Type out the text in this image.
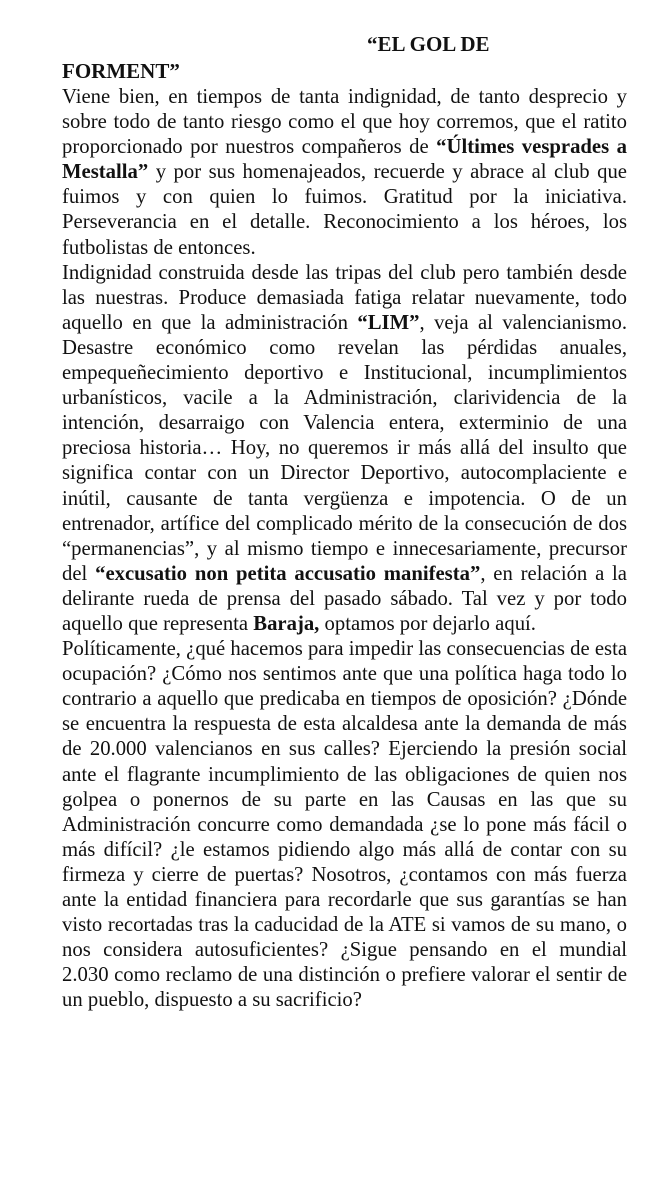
“EL GOL DE
FORMENT”

Viene bien, en tiempos de tanta indignidad, de tanto desprecio y sobre todo de tanto riesgo como el que hoy corremos, que el ratito proporcionado por nuestros compañeros de “Últimes vesprades a Mestalla” y por sus homenajeados, recuerde y abrace al club que fuimos y con quien lo fuimos. Gratitud por la iniciativa. Perseverancia en el detalle. Reconocimiento a los héroes, los futbolistas de entonces.

Indignidad construida desde las tripas del club pero también desde las nuestras. Produce demasiada fatiga relatar nuevamente, todo aquello en que la administración “LIM”, veja al valencianismo. Desastre económico como revelan las pérdidas anuales, empequeñecimiento deportivo e Institucional, incumplimientos urbanísticos, vacile a la Administración, clarividencia de la intención, desarraigo con Valencia entera, exterminio de una preciosa historia… Hoy, no queremos ir más allá del insulto que significa contar con un Director Deportivo, autocomplaciente e inútil, causante de tanta vergüenza e impotencia. O de un entrenador, artífice del complicado mérito de la consecución de dos “permanencias”, y al mismo tiempo e innecesariamente, precursor del “excusatio non petita accusatio manifesta”, en relación a la delirante rueda de prensa del pasado sábado. Tal vez y por todo aquello que representa Baraja, optamos por dejarlo aquí.

Políticamente, ¿qué hacemos para impedir las consecuencias de esta ocupación? ¿Cómo nos sentimos ante que una política haga todo lo contrario a aquello que predicaba en tiempos de oposición? ¿Dónde se encuentra la respuesta de esta alcaldesa ante la demanda de más de 20.000 valencianos en sus calles? Ejerciendo la presión social ante el flagrante incumplimiento de las obligaciones de quien nos golpea o ponernos de su parte en las Causas en las que su Administración concurre como demandada ¿se lo pone más fácil o más difícil? ¿le estamos pidiendo algo más allá de contar con su firmeza y cierre de puertas? Nosotros, ¿contamos con más fuerza ante la entidad financiera para recordarle que sus garantías se han visto recortadas tras la caducidad de la ATE si vamos de su mano, o nos considera autosuficientes? ¿Sigue pensando en el mundial 2.030 como reclamo de una distinción o prefiere valorar el sentir de un pueblo, dispuesto a su sacrificio?
